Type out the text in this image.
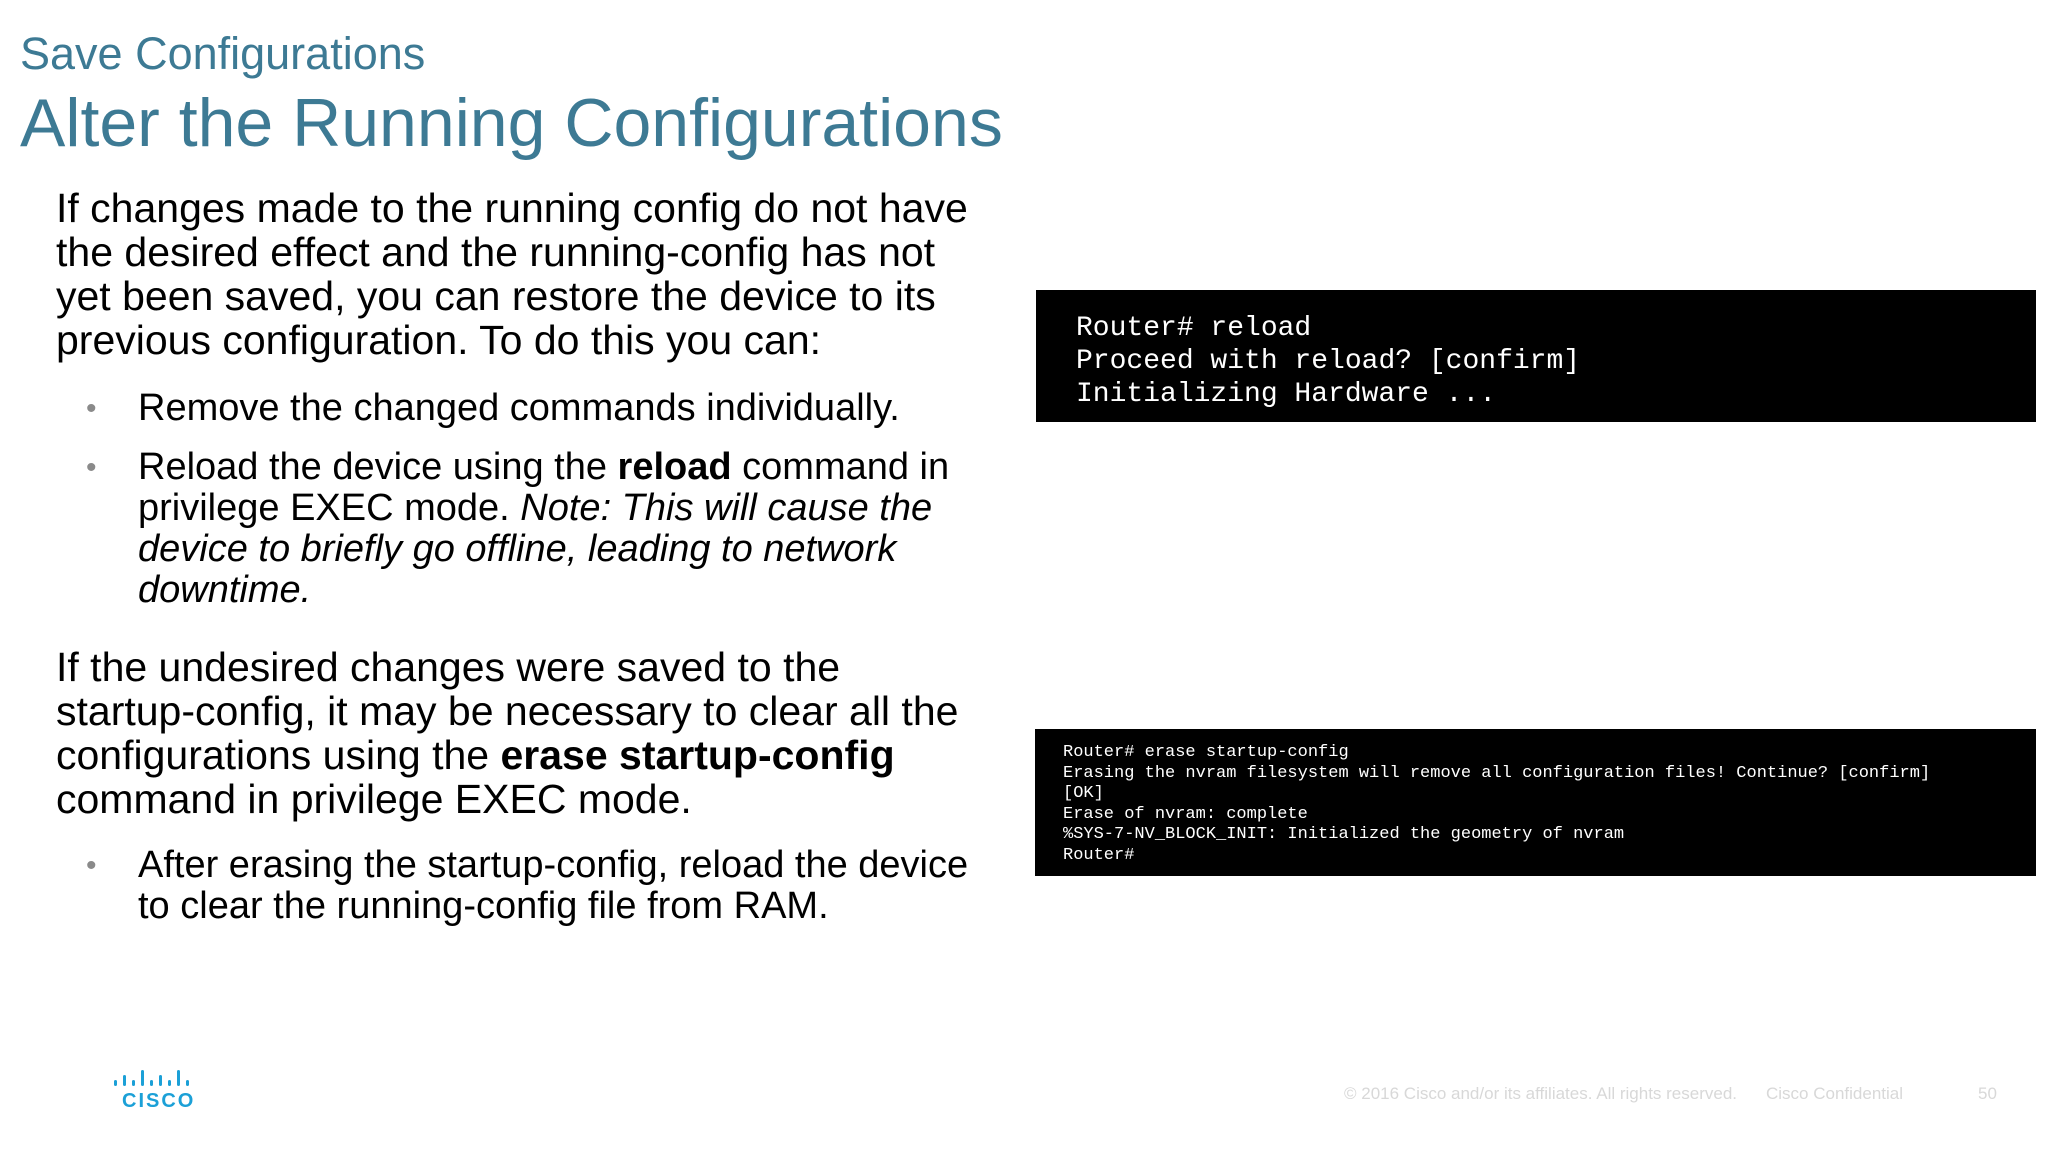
Save Configurations
Alter the Running Configurations

If changes made to the running config do not have the desired effect and the running-config has not yet been saved, you can restore the device to its previous configuration. To do this you can:

• Remove the changed commands individually.
• Reload the device using the reload command in privilege EXEC mode. Note: This will cause the device to briefly go offline, leading to network downtime.

If the undesired changes were saved to the startup-config, it may be necessary to clear all the configurations using the erase startup-config command in privilege EXEC mode.

• After erasing the startup-config, reload the device to clear the running-config file from RAM.
Router# reload
Proceed with reload? [confirm]
Initializing Hardware ...
Router# erase startup-config
Erasing the nvram filesystem will remove all configuration files! Continue? [confirm]
[OK]
Erase of nvram: complete
%SYS-7-NV_BLOCK_INIT: Initialized the geometry of nvram
Router#
CISCO	© 2016 Cisco and/or its affiliates. All rights reserved. Cisco Confidential	50
